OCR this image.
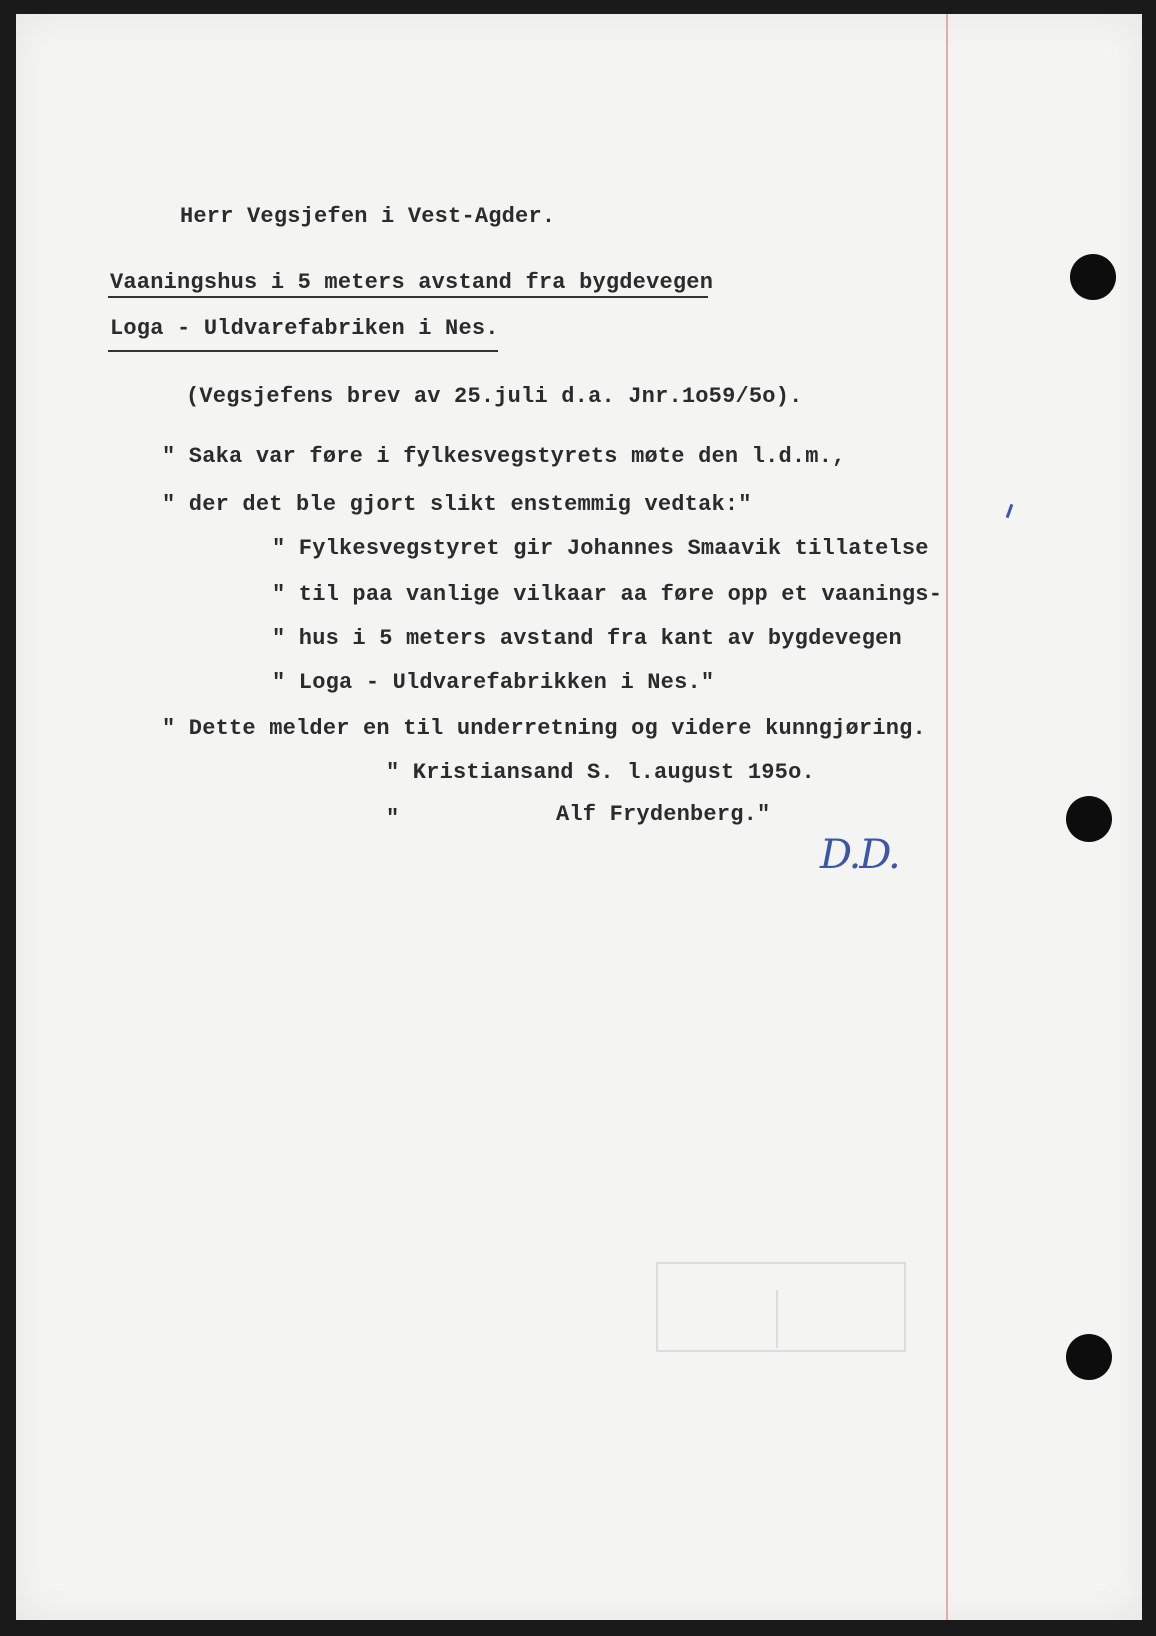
Herr Vegsjefen i Vest-Agder.
Vaaningshus i 5 meters avstand fra bygdevegen
Loga - Uldvarefabriken i Nes.
(Vegsjefens brev av 25.juli d.a. Jnr.1o59/5o).
" Saka var føre i fylkesvegstyrets møte den l.d.m.,
" der det ble gjort slikt enstemmig vedtak:"
" Fylkesvegstyret gir Johannes Smaavik tillatelse
" til paa vanlige vilkaar aa føre opp et vaanings-
" hus i 5 meters avstand fra kant av bygdevegen
" Loga - Uldvarefabrikken i Nes."
" Dette melder en til underretning og videre kunngjøring.
" Kristiansand S. l.august 195o.
"	Alf Frydenberg."
D.D.
